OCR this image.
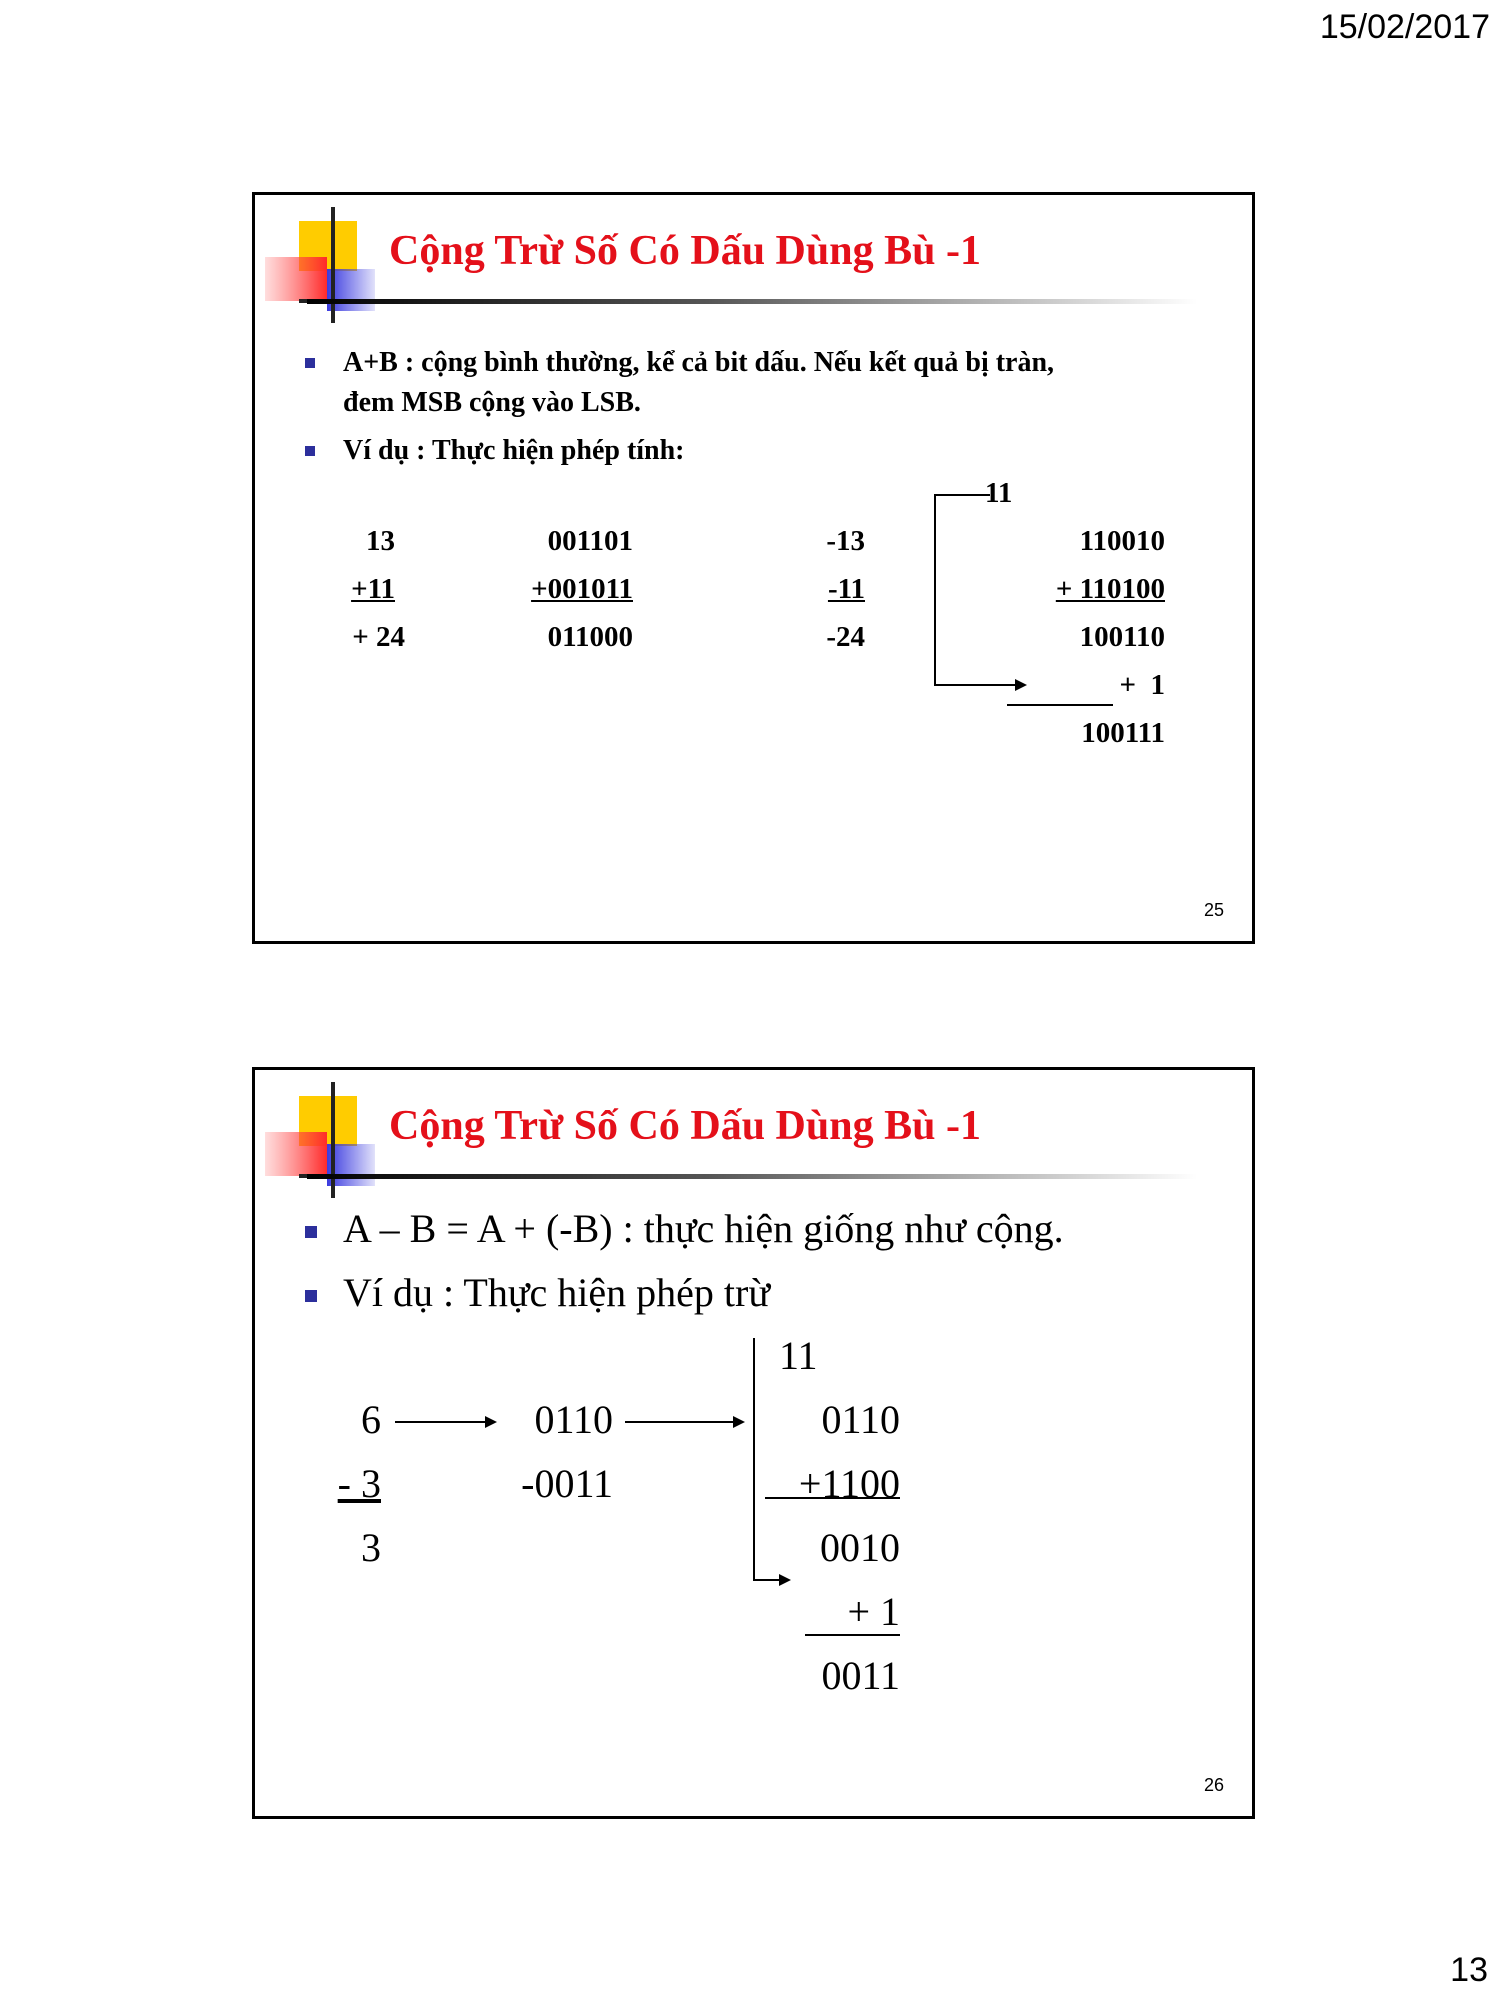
15/02/2017
Cộng Trừ Số Có Dấu Dùng Bù -1
A+B : cộng bình thường, kể cả bit dấu. Nếu kết quả bị tràn,
đem MSB cộng vào LSB.
Ví dụ : Thực hiện phép tính:
13
+11
+ 24
001101
+001011
011000
-13
-11
-24
11
110010
+ 110100
100110
+  1
100111
25
Cộng Trừ Số Có Dấu Dùng Bù -1
A – B = A + (-B) : thực hiện giống như cộng.
Ví dụ : Thực hiện phép trừ
6
- 3
3
0110
-0011
11
0110
+1100
0010
+ 1
0011
26
13
